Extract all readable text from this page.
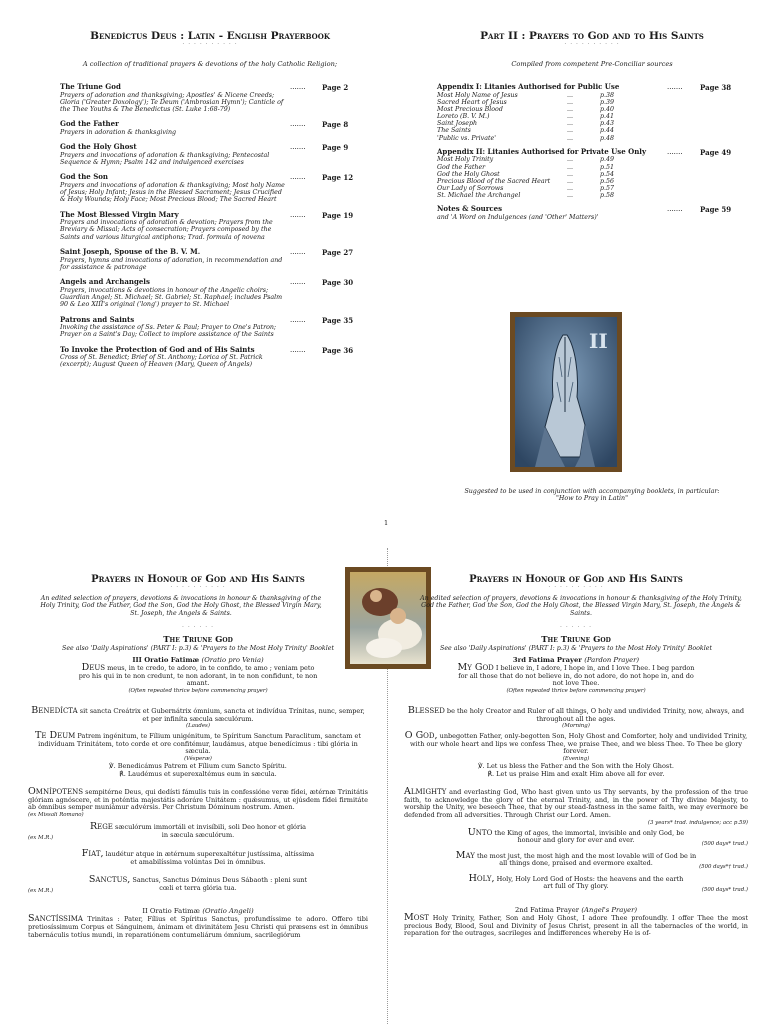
Benedíctus Deus : Latin - English Prayerbook
· · · · · · · · · ·
A collection of traditional prayers & devotions of the holy Catholic Religion;
The Triune God
Prayers of adoration and thanksgiving; Apostles' & Nicene Creeds; Gloria ('Greater Doxology'); Te Deum ('Ambrosian Hymn'); Canticle of the Thee Youths & The Benedictus (St. Luke 1:68-79)
....... Page 2
God the Father
Prayers in adoration & thanksgiving
....... Page 8
God the Holy Ghost
Prayers and invocations of adoration & thanksgiving; Pentecostal Sequence & Hymn; Psalm 142 and indulgenced exercises
....... Page 9
God the Son
Prayers and invocations of adoration & thanksgiving; Most holy Name of Jesus; Holy Infant; Jesus in the Blessed Sacrament; Jesus Crucified & Holy Wounds; Holy Face; Most Precious Blood; The Sacred Heart
....... Page 12
The Most Blessed Virgin Mary
Prayers and invocations of adoration & devotion; Prayers from the Breviary & Missal; Acts of consecration; Prayers composed by the Saints and various liturgical antiphons; Trad. formula of novena
....... Page 19
Saint Joseph, Spouse of the B. V. M.
Prayers, hymns and invocations of adoration, in recommendation and for assistance & patronage
....... Page 27
Angels and Archangels
Prayers, invocations & devotions in honour of the Angelic choirs; Guardian Angel; St. Michael; St. Gabriel; St. Raphael; includes Psalm 90 & Leo XIII's original ('long') prayer to St. Michael
....... Page 30
Patrons and Saints
Invoking the assistance of Ss. Peter & Paul; Prayer to One's Patron; Prayer on a Saint's Day; Collect to implore assistance of the Saints
....... Page 35
To Invoke the Protection of God and of His Saints
Cross of St. Benedict; Brief of St. Anthony; Lorica of St. Patrick (excerpt); August Queen of Heaven (Mary, Queen of Angels)
....... Page 36
Part II : Prayers to God and to His Saints
· · · · · · · · · ·
Compiled from competent Pre-Conciliar sources
Appendix I: Litanies Authorised for Public Use	....... Page 38
Most Holy Name of Jesus	...	p.38
Sacred Heart of Jesus	...	p.39
Most Precious Blood	...	p.40
Loreto (B. V. M.)	...	p.41
Saint Joseph	...	p.43
The Saints	...	p.44
'Public vs. Private'	...	p.48
Appendix II: Litanies Authorised for Private Use Only	....... Page 49
Most Holy Trinity	...	p.49
God the Father	...	p.51
God the Holy Ghost	...	p.54
Precious Blood of the Sacred Heart	...	p.56
Our Lady of Sorrows	...	p.57
St. Michael the Archangel	...	p.58
Notes & Sources
and 'A Word on Indulgences (and 'Other' Matters)'
....... Page 59
II
Suggested to be used in conjunction with accompanying booklets, in particular:
"How to Pray in Latin"
1
Prayers in Honour of God and His Saints
· · · · · · · · · ·
An edited selection of prayers, devotions & invocations in honour & thanksgiving of the Holy Trinity, God the Father, God the Son, God the Holy Ghost, the Blessed Virgin Mary, St. Joseph, the Angels & Saints.
· · · · · ·
The Triune God
See also 'Daily Aspirations' (PART I: p.3) & 'Prayers to the Most Holy Trinity' Booklet
III Oratio Fatimæ (Oratio pro Venia)
Deus meus, in te credo, te adoro, in te confido, te amo ; veniam peto pro his qui in te non credunt, te non adorant, in te non confidunt, te non amant.
(Often repeated thrice before commencing prayer)
Benedícta sit sancta Creátrix et Gubernátrix ómnium, sancta et indivídua Trínitas, nunc, semper, et per infiníta sæcula sæculórum.
(Laudes)
Te Deum Patrem ingénitum, te Fílium unigénitum, te Spíritum Sanctum Paraclitum, sanctam et indivíduam Trinitátem, toto corde et ore confitémur, laudámus, atque benedícimus : tibi glória in sæcula.
(Vésperæ)
℣. Benedicámus Patrem et Fílium cum Sancto Spíritu.
℟. Laudémus et superexaltémus eum in sæcula.
Omnípotens sempitérne Deus, qui dedísti fámulis tuis in confessióne veræ fídei, ætérnæ Trinitátis glóriam agnóscere, et in poténtia majestátis adoráre Unitátem : quǽsumus, ut ejúsdem fídei firmitáte ab ómnibus semper muniámur advérsis. Per Christum Dóminum nostrum. Amen.
(ex Missali Romano)
Rege sæculórum immortáli et invisíbili, soli Deo honor et glória in sæcula sæculórum.
(ex M.R.)
Fiat, laudétur atque in ætérnum superexaltétur justíssima, altíssima et amabilíssima volúntas Dei in ómnibus.
Sanctus, Sanctus, Sanctus Dóminus Deus Sábaoth : pleni sunt cœli et terra glória tua.
(ex M.R.)
II Oratio Fatimæ (Oratio Angeli)
Sanctíssima Trinitas : Pater, Fílius et Spíritus Sanctus, profundíssime te adoro. Offero tibi pretiosíssimum Corpus et Sánguinem, ánimam et divinitátem Jesu Christi qui præsens est in ómnibus tabernáculis totíus mundi, in reparatiónem contumeliárum ómnium, sacrilegiórum
Prayers in Honour of God and His Saints
· · · · · · · · · ·
An edited selection of prayers, devotions & invocations in honour & thanksgiving of the Holy Trinity, God the Father, God the Son, God the Holy Ghost, the Blessed Virgin Mary, St. Joseph, the Angels & Saints.
· · · · · ·
The Triune God
See also 'Daily Aspirations' (PART I: p.3) & 'Prayers to the Most Holy Trinity' Booklet
3rd Fatima Prayer (Pardon Prayer)
My God I believe in, I adore, I hope in, and I love Thee. I beg pardon for all those that do not believe in, do not adore, do not hope in, and do not love Thee.
(Often repeated thrice before commencing prayer)
Blessed be the holy Creator and Ruler of all things, O holy and undivided Trinity, now, always, and throughout all the ages.
(Morning)
O God, unbegotten Father, only-begotten Son, Holy Ghost and Comforter, holy and undivided Trinity, with our whole heart and lips we confess Thee, we praise Thee, and we bless Thee. To Thee be glory forever.
(Evening)
℣. Let us bless the Father and the Son with the Holy Ghost.
℟. Let us praise Him and exalt Him above all for ever.
Almighty and everlasting God, Who hast given unto us Thy servants, by the profession of the true faith, to acknowledge the glory of the eternal Trinity, and, in the power of Thy divine Majesty, to worship the Unity, we beseech Thee, that by our stead-fastness in the same faith, we may evermore be defended from all adversities. Through Christ our Lord. Amen.
(3 years* trad. indulgence; acc p.59)
Unto the King of ages, the immortal, invisible and only God, be honour and glory for ever and ever.	(500 days* trad.)
May the most just, the most high and the most lovable will of God be in all things done, praised and evermore exalted.	(500 days*† trad.)
Holy, Holy, Holy Lord God of Hosts: the heavens and the earth art full of Thy glory.	(500 days* trad.)
2nd Fatima Prayer (Angel's Prayer)
Most Holy Trinity, Father, Son and Holy Ghost, I adore Thee profoundly. I offer Thee the most precious Body, Blood, Soul and Divinity of Jesus Christ, present in all the tabernacles of the world, in reparation for the outrages, sacrileges and indifferences whereby He is of-
